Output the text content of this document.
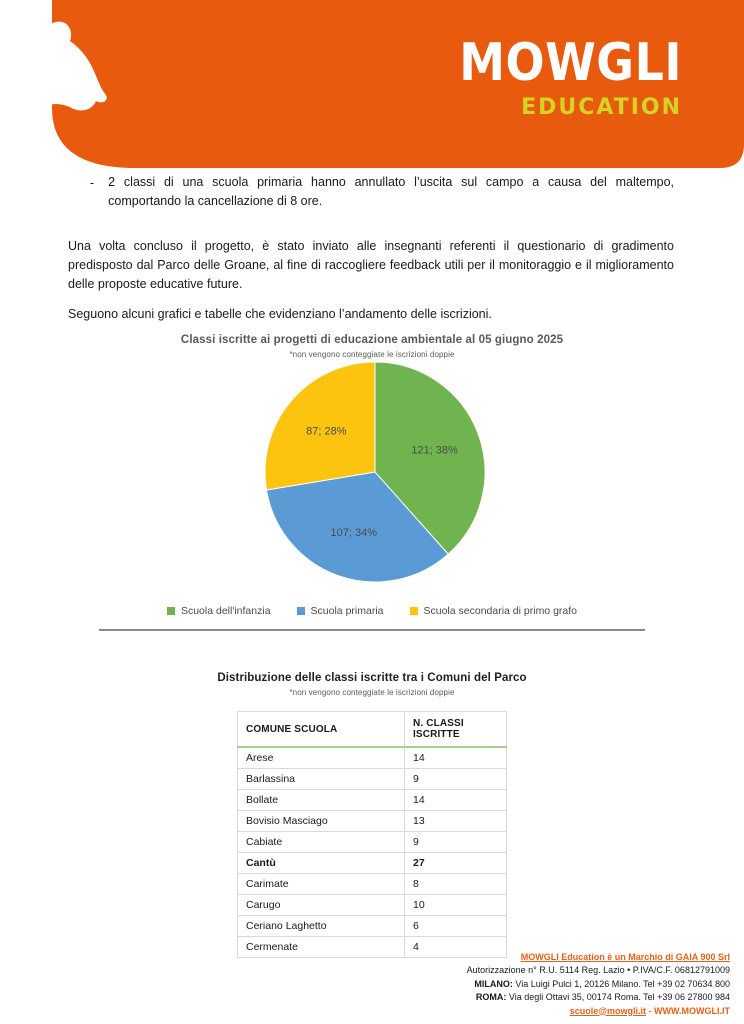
MOWGLI
EDUCATION
- 2 classi di una scuola primaria hanno annullato l’uscita sul campo a causa del maltempo, comportando la cancellazione di 8 ore.

Una volta concluso il progetto, è stato inviato alle insegnanti referenti il questionario di gradimento predisposto dal Parco delle Groane, al fine di raccogliere feedback utili per il monitoraggio e il miglioramento delle proposte educative future.

Seguono alcuni grafici e tabelle che evidenziano l’andamento delle iscrizioni.

Classi iscritte ai progetti di educazione ambientale al 05 giugno 2025
*non vengono conteggiate le iscrizioni doppie
121; 38%
107; 34%
87; 28%
Scuola dell'infanzia	Scuola primaria	Scuola secondaria di primo grafo
Distribuzione delle classi iscritte tra i Comuni del Parco
*non vengono conteggiate le iscrizioni doppie
COMUNE SCUOLA	N. CLASSI ISCRITTE
Arese	14
Barlassina	9
Bollate	14
Bovisio Masciago	13
Cabiate	9
Cantù	27
Carimate	8
Carugo	10
Ceriano Laghetto	6
Cermenate	4
MOWGLI Education è un Marchio di GAIA 900 Srl
Autorizzazione n° R.U. 5114 Reg. Lazio • P.IVA/C.F. 06812791009
MILANO: Via Luigi Pulci 1, 20126 Milano. Tel +39 02 70634 800
ROMA: Via degli Ottavi 35, 00174 Roma. Tel +39 06 27800 984
scuole@mowgli.it - WWW.MOWGLI.IT
